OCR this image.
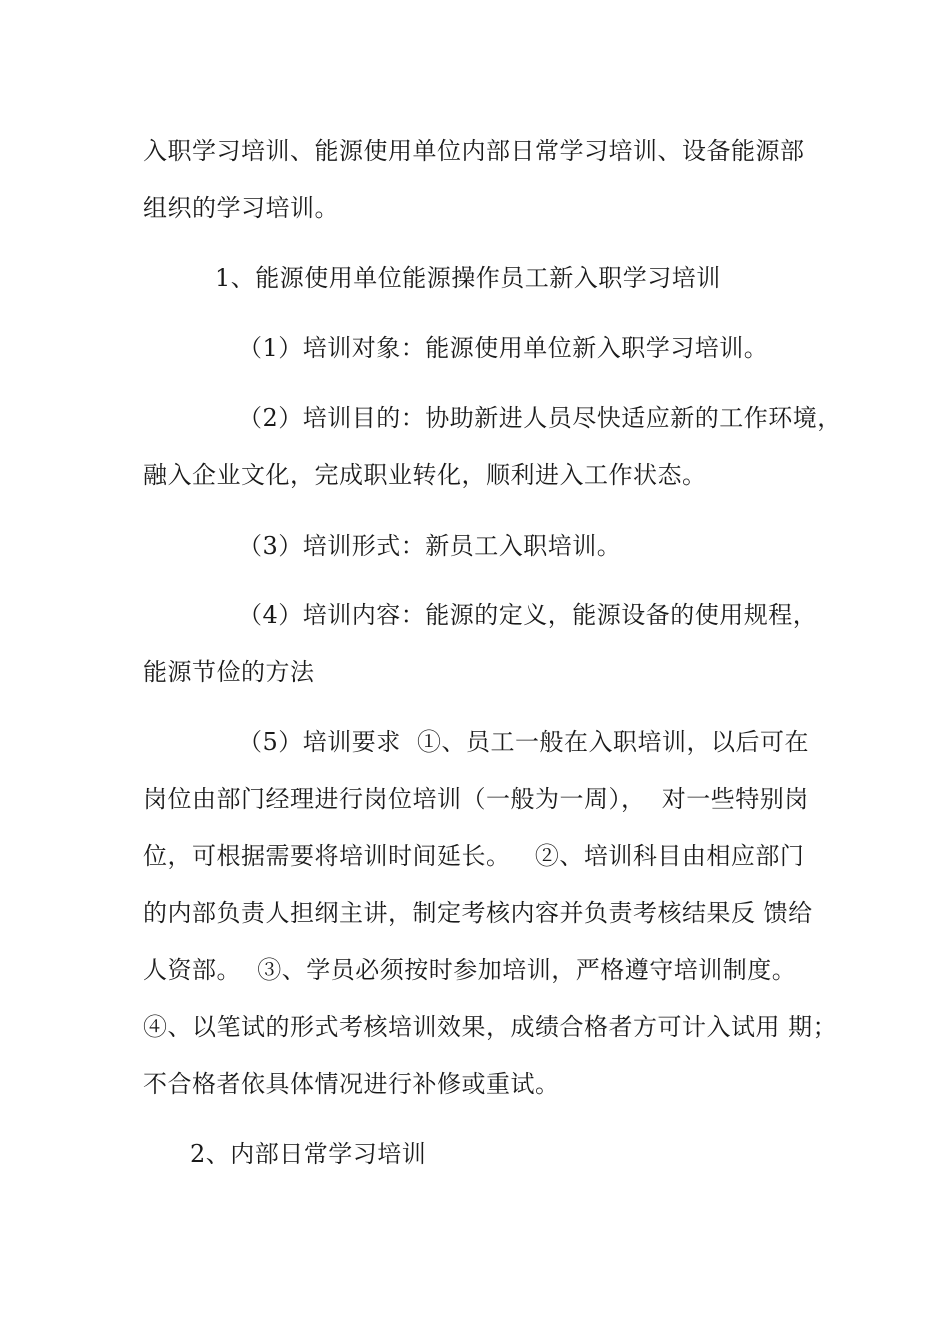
入职学习培训、能源使用单位内部日常学习培训、设备能源部
组织的学习培训。
1、能源使用单位能源操作员工新入职学习培训
（1）培训对象：能源使用单位新入职学习培训。
（2）培训目的：协助新进人员尽快适应新的工作环境，
融入企业文化，完成职业转化，顺利进入工作状态。
（3）培训形式：新员工入职培训。
（4）培训内容：能源的定义，能源设备的使用规程，
能源节俭的方法
（5）培训要求  ①、员工一般在入职培训，以后可在
岗位由部门经理进行岗位培训（一般为一周），  对一些特别岗
位，可根据需要将培训时间延长。   ②、培训科目由相应部门
的内部负责人担纲主讲，制定考核内容并负责考核结果反 馈给
人资部。  ③、学员必须按时参加培训，严格遵守培训制度。
④、以笔试的形式考核培训效果，成绩合格者方可计入试用 期；
不合格者依具体情况进行补修或重试。
2、内部日常学习培训
